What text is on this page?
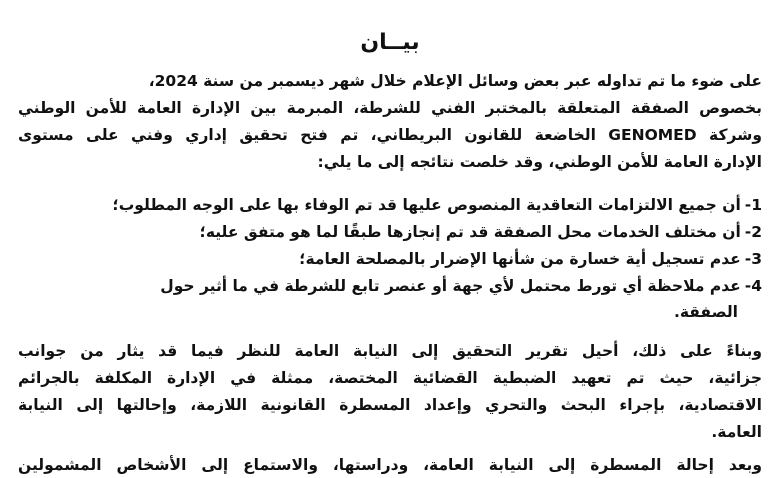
بيــان
على ضوء ما تم تداوله عبر بعض وسائل الإعلام خلال شهر ديسمبر من سنة 2024،
بخصوص الصفقة المتعلقة بالمختبر الفني للشرطة، المبرمة بين الإدارة العامة للأمن الوطني
وشركة GENOMED الخاضعة للقانون البريطاني، تم فتح تحقيق إداري وفني على مستوى
الإدارة العامة للأمن الوطني، وقد خلصت نتائجه إلى ما يلي:
1-أن جميع الالتزامات التعاقدية المنصوص عليها قد تم الوفاء بها على الوجه المطلوب؛
2-أن مختلف الخدمات محل الصفقة قد تم إنجازها طبقًا لما هو متفق عليه؛
3-عدم تسجيل أية خسارة من شأنها الإضرار بالمصلحة العامة؛
4-عدم ملاحظة أي تورط محتمل لأي جهة أو عنصر تابع للشرطة في ما أثير حول
الصفقة.
وبناءً على ذلك، أحيل تقرير التحقيق إلى النيابة العامة للنظر فيما قد يثار من جوانب
جزائية، حيث تم تعهيد الضبطية القضائية المختصة، ممثلة في الإدارة المكلفة بالجرائم
الاقتصادية، بإجراء البحث والتحري وإعداد المسطرة القانونية اللازمة، وإحالتها إلى النيابة
العامة.
وبعد إحالة المسطرة إلى النيابة العامة، ودراستها، والاستماع إلى الأشخاص المشمولين
